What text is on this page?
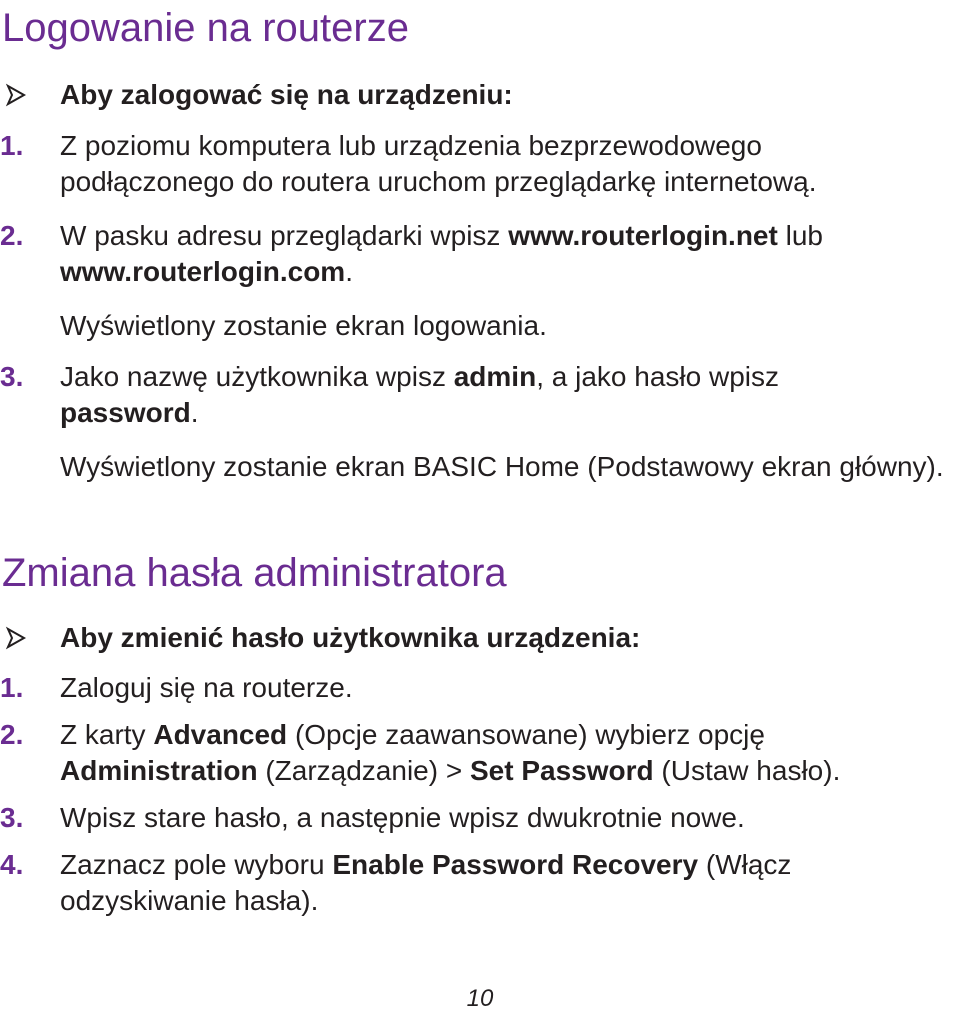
Logowanie na routerze
Aby zalogować się na urządzeniu:
1.	Z poziomu komputera lub urządzenia bezprzewodowego
podłączonego do routera uruchom przeglądarkę internetową.
2.	W pasku adresu przeglądarki wpisz www.routerlogin.net lub
www.routerlogin.com.
Wyświetlony zostanie ekran logowania.
3.	Jako nazwę użytkownika wpisz admin, a jako hasło wpisz
password.
Wyświetlony zostanie ekran BASIC Home (Podstawowy ekran główny).
Zmiana hasła administratora
Aby zmienić hasło użytkownika urządzenia:
1.	Zaloguj się na routerze.
2.	Z karty Advanced (Opcje zaawansowane) wybierz opcję
Administration (Zarządzanie) > Set Password (Ustaw hasło).
3.	Wpisz stare hasło, a następnie wpisz dwukrotnie nowe.
4.	Zaznacz pole wyboru Enable Password Recovery (Włącz
odzyskiwanie hasła).
10
